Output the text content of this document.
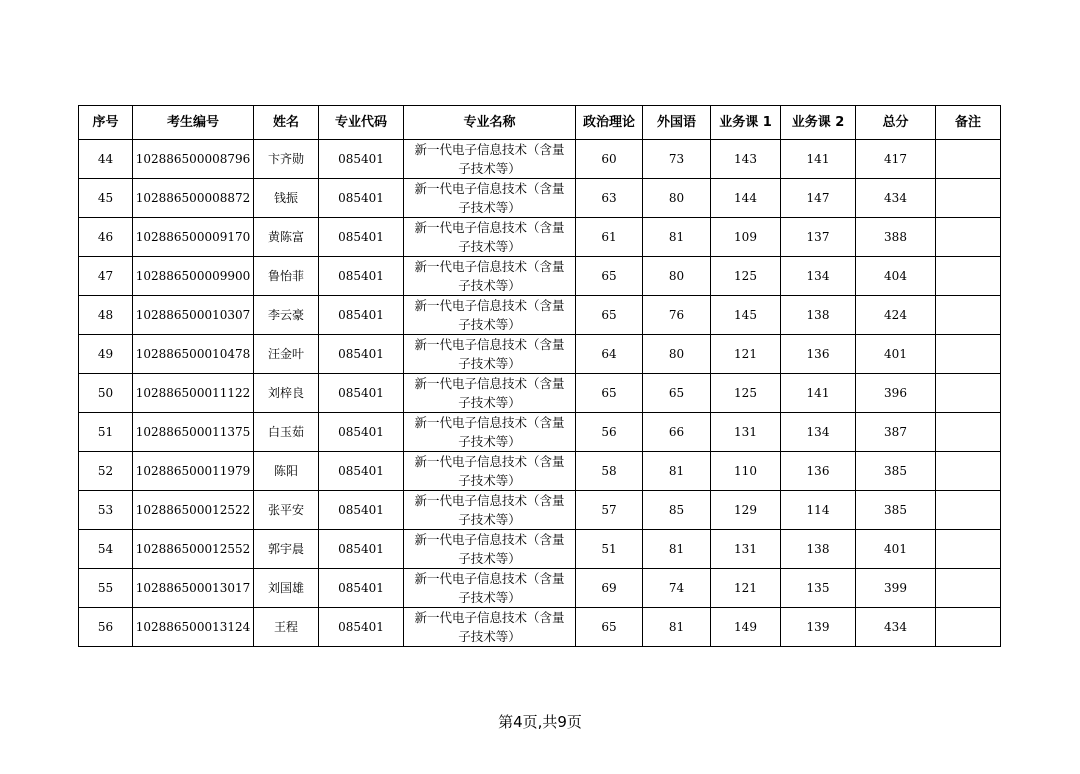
序号	考生编号	姓名	专业代码	专业名称	政治理论	外国语	业务课 1	业务课 2	总分	备注
44	102886500008796	卞齐勋	085401	新一代电子信息技术（含量
子技术等）	60	73	143	141	417	
45	102886500008872	钱振	085401	新一代电子信息技术（含量
子技术等）	63	80	144	147	434	
46	102886500009170	黄陈富	085401	新一代电子信息技术（含量
子技术等）	61	81	109	137	388	
47	102886500009900	鲁怡菲	085401	新一代电子信息技术（含量
子技术等）	65	80	125	134	404	
48	102886500010307	李云豪	085401	新一代电子信息技术（含量
子技术等）	65	76	145	138	424	
49	102886500010478	汪金叶	085401	新一代电子信息技术（含量
子技术等）	64	80	121	136	401	
50	102886500011122	刘梓良	085401	新一代电子信息技术（含量
子技术等）	65	65	125	141	396	
51	102886500011375	白玉茹	085401	新一代电子信息技术（含量
子技术等）	56	66	131	134	387	
52	102886500011979	陈阳	085401	新一代电子信息技术（含量
子技术等）	58	81	110	136	385	
53	102886500012522	张平安	085401	新一代电子信息技术（含量
子技术等）	57	85	129	114	385	
54	102886500012552	郭宇晨	085401	新一代电子信息技术（含量
子技术等）	51	81	131	138	401	
55	102886500013017	刘国雄	085401	新一代电子信息技术（含量
子技术等）	69	74	121	135	399	
56	102886500013124	王程	085401	新一代电子信息技术（含量
子技术等）	65	81	149	139	434	
第4页,共9页
